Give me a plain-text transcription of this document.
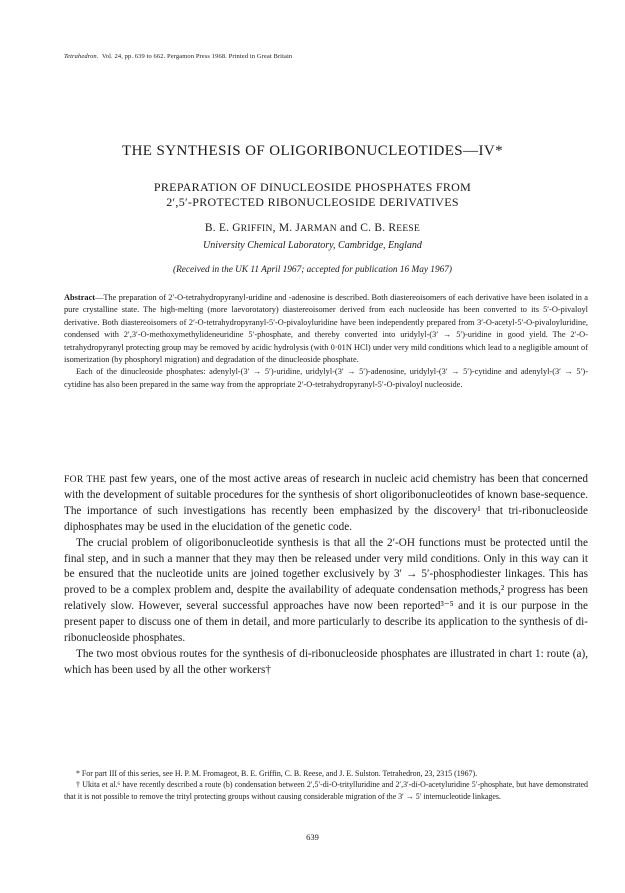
Tetrahedron. Vol. 24, pp. 639 to 662. Pergamon Press 1968. Printed in Great Britain
THE SYNTHESIS OF OLIGORIBONUCLEOTIDES—IV*
PREPARATION OF DINUCLEOSIDE PHOSPHATES FROM
2′,5′-PROTECTED RIBONUCLEOSIDE DERIVATIVES
B. E. GRIFFIN, M. JARMAN and C. B. REESE
University Chemical Laboratory, Cambridge, England
(Received in the UK 11 April 1967; accepted for publication 16 May 1967)

Abstract—The preparation of 2′-O-tetrahydropyranyl-uridine and -adenosine is described. Both diastereoisomers of each derivative have been isolated in a pure crystalline state. The high-melting (more laevorotatory) diastereoisomer derived from each nucleoside has been converted to its 5′-O-pivaloyl derivative. Both diastereoisomers of 2′-O-tetrahydropyranyl-5′-O-pivaloyluridine have been independently prepared from 3′-O-acetyl-5′-O-pivaloyluridine, condensed with 2′,3′-O-methoxymethylideneuridine 5′-phosphate, and thereby converted into uridylyl-(3′ → 5′)-uridine in good yield. The 2′-O-tetrahydropyranyl protecting group may be removed by acidic hydrolysis (with 0·01N HCl) under very mild conditions which lead to a negligible amount of isomerization (by phosphoryl migration) and degradation of the dinucleoside phosphate.

Each of the dinucleoside phosphates: adenylyl-(3′ → 5′)-uridine, uridylyl-(3′ → 5′)-adenosine, uridylyl-(3′ → 5′)-cytidine and adenylyl-(3′ → 5′)-cytidine has also been prepared in the same way from the appropriate 2′-O-tetrahydropyranyl-5′-O-pivaloyl nucleoside.

FOR THE past few years, one of the most active areas of research in nucleic acid chemistry has been that concerned with the development of suitable procedures for the synthesis of short oligoribonucleotides of known base-sequence. The importance of such investigations has recently been emphasized by the discovery¹ that tri-ribonucleoside diphosphates may be used in the elucidation of the genetic code.

The crucial problem of oligoribonucleotide synthesis is that all the 2′-OH functions must be protected until the final step, and in such a manner that they may then be released under very mild conditions. Only in this way can it be ensured that the nucleotide units are joined together exclusively by 3′ → 5′-phosphodiester linkages. This has proved to be a complex problem and, despite the availability of adequate condensation methods,² progress has been relatively slow. However, several successful approaches have now been reported³⁻⁵ and it is our purpose in the present paper to discuss one of them in detail, and more particularly to describe its application to the synthesis of di-ribonucleoside phosphates.

The two most obvious routes for the synthesis of di-ribonucleoside phosphates are illustrated in chart 1: route (a), which has been used by all the other workers†

* For part III of this series, see H. P. M. Fromageot, B. E. Griffin, C. B. Reese, and J. E. Sulston. Tetrahedron, 23, 2315 (1967).

† Ukita et al.⁶ have recently described a route (b) condensation between 2′,5′-di-O-tritylluridine and 2′,3′-di-O-acetyluridine 5′-phosphate, but have demonstrated that it is not possible to remove the trityl protecting groups without causing considerable migration of the 3′ → 5′ internucleotide linkages.

639
